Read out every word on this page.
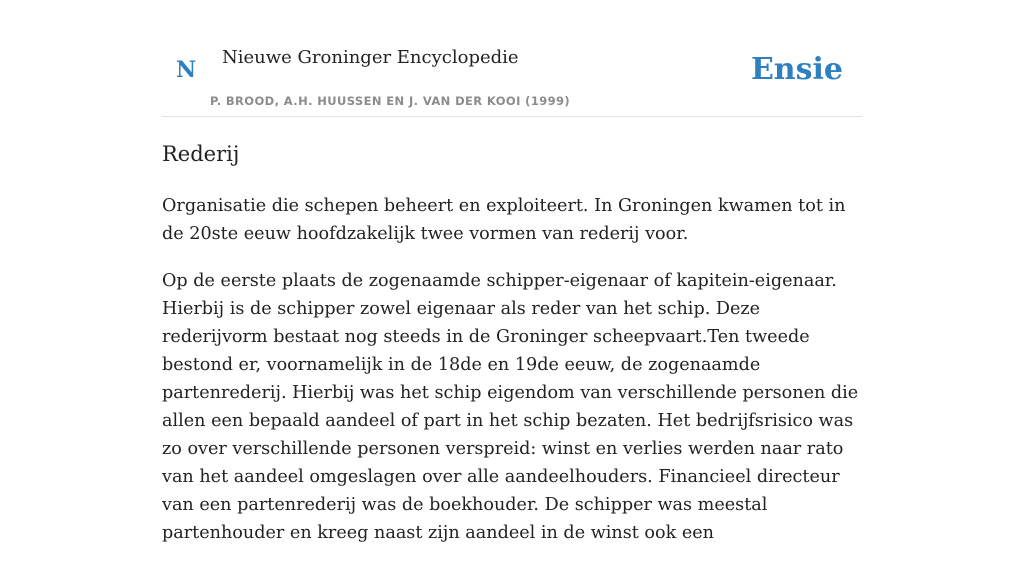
N Nieuwe Groninger Encyclopedie
P. BROOD, A.H. HUUSSEN EN J. VAN DER KOOI (1999)
Ensie
Rederij

Organisatie die schepen beheert en exploiteert. In Groningen kwamen tot in de 20ste eeuw hoofdzakelijk twee vormen van rederij voor.

Op de eerste plaats de zogenaamde schipper-eigenaar of kapitein-eigenaar. Hierbij is de schipper zowel eigenaar als reder van het schip. Deze rederijvorm bestaat nog steeds in de Groninger scheepvaart.Ten tweede bestond er, voornamelijk in de 18de en 19de eeuw, de zogenaamde partenrederij. Hierbij was het schip eigendom van verschillende personen die allen een bepaald aandeel of part in het schip bezaten. Het bedrijfsrisico was zo over verschillende personen verspreid: winst en verlies werden naar rato van het aandeel omgeslagen over alle aandeelhouders. Financieel directeur van een partenrederij was de boekhouder. De schipper was meestal partenhouder en kreeg naast zijn aandeel in de winst ook een
